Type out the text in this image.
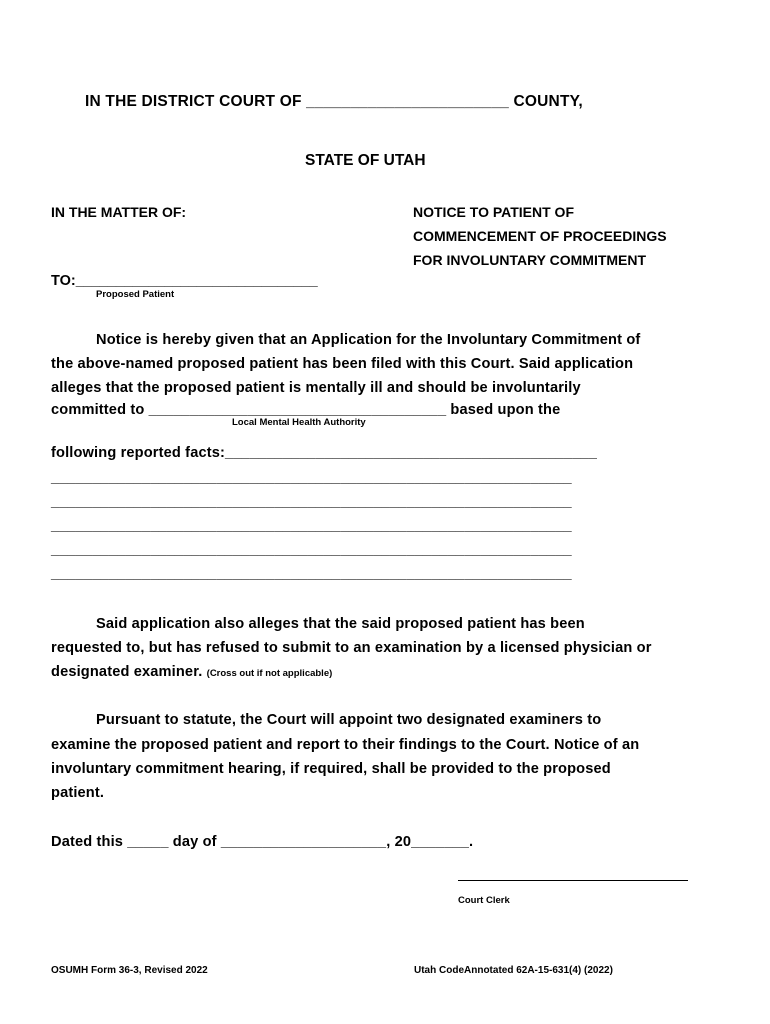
IN THE DISTRICT COURT OF _______________________ COUNTY,
STATE OF UTAH
IN THE MATTER OF:	NOTICE TO PATIENT OF
COMMENCEMENT OF PROCEEDINGS
FOR INVOLUNTARY COMMITMENT
TO:______________________________
Proposed Patient
Notice is hereby given that an Application for the Involuntary Commitment of
the above-named proposed patient has been filed with this Court. Said application
alleges that the proposed patient is mentally ill and should be involuntarily
committed to ____________________________________ based upon the
Local Mental Health Authority
following reported facts:_____________________________________________
_______________________________________________________________
_______________________________________________________________
_______________________________________________________________
_______________________________________________________________
_______________________________________________________________
Said application also alleges that the said proposed patient has been
requested to, but has refused to submit to an examination by a licensed physician or
designated examiner. (Cross out if not applicable)
Pursuant to statute, the Court will appoint two designated examiners to
examine the proposed patient and report to their findings to the Court. Notice of an
involuntary commitment hearing, if required, shall be provided to the proposed
patient.
Dated this _____ day of ____________________, 20_______.
Court Clerk
OSUMH Form 36-3, Revised 2022	Utah CodeAnnotated 62A-15-631(4) (2022)
